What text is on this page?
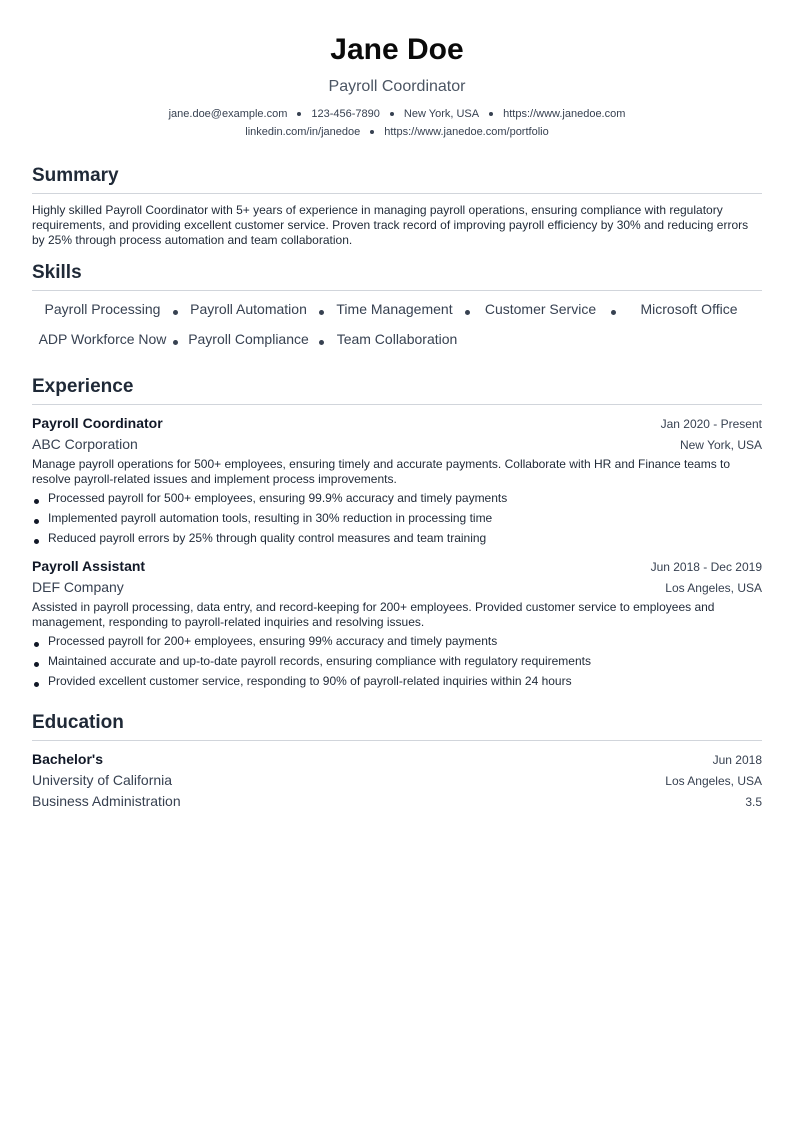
Jane Doe
Payroll Coordinator
jane.doe@example.com 123-456-7890 New York, USA https://www.janedoe.com
linkedin.com/in/janedoe https://www.janedoe.com/portfolio
Summary

Highly skilled Payroll Coordinator with 5+ years of experience in managing payroll operations, ensuring compliance with regulatory requirements, and providing excellent customer service. Proven track record of improving payroll efficiency by 30% and reducing errors by 25% through process automation and team collaboration.

Skills
Payroll Processing	Payroll Automation	Time Management	Customer Service	Microsoft Office
ADP Workforce Now	Payroll Compliance	Team Collaboration
Experience
Payroll Coordinator	Jan 2020 - Present
ABC Corporation	New York, USA

Manage payroll operations for 500+ employees, ensuring timely and accurate payments. Collaborate with HR and Finance teams to resolve payroll-related issues and implement process improvements.

Processed payroll for 500+ employees, ensuring 99.9% accuracy and timely payments
Implemented payroll automation tools, resulting in 30% reduction in processing time
Reduced payroll errors by 25% through quality control measures and team training
Payroll Assistant	Jun 2018 - Dec 2019
DEF Company	Los Angeles, USA

Assisted in payroll processing, data entry, and record-keeping for 200+ employees. Provided customer service to employees and management, responding to payroll-related inquiries and resolving issues.

Processed payroll for 200+ employees, ensuring 99% accuracy and timely payments
Maintained accurate and up-to-date payroll records, ensuring compliance with regulatory requirements
Provided excellent customer service, responding to 90% of payroll-related inquiries within 24 hours
Education
Bachelor's	Jun 2018
University of California	Los Angeles, USA
Business Administration	3.5
